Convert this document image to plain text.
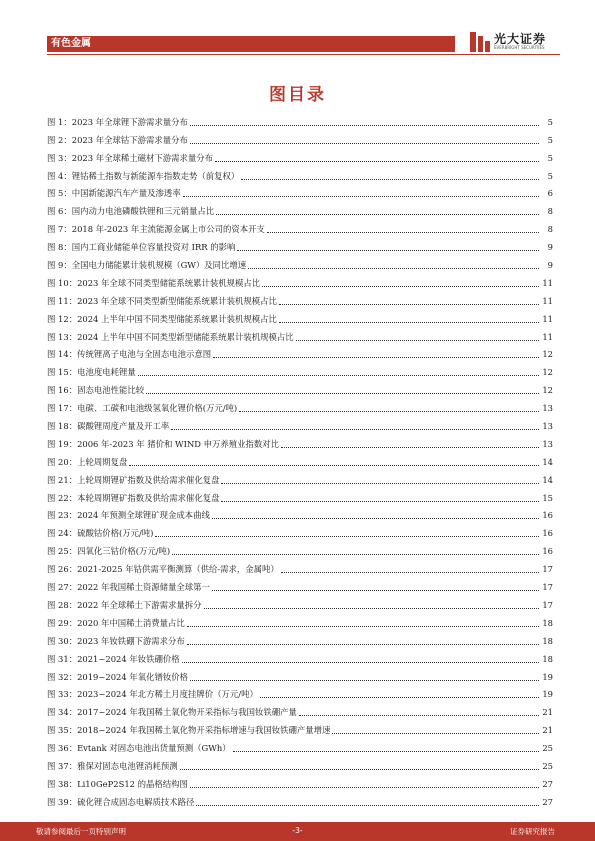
有色金属	光大证券
EVERBRIGHT SECURITIES
图目录
图 1：2023 年全球锂下游需求量分布	5
图 2：2023 年全球钴下游需求量分布	5
图 3：2023 年全球稀土磁材下游需求量分布	5
图 4：锂钴稀土指数与新能源车指数走势（前复权）	5
图 5：中国新能源汽车产量及渗透率	6
图 6：国内动力电池磷酸铁锂和三元销量占比	8
图 7：2018 年-2023 年主流能源金属上市公司的资本开支	8
图 8：国内工商业储能单位容量投资对 IRR 的影响	9
图 9：全国电力储能累计装机规模（GW）及同比增速	9
图 10：2023 年全球不同类型储能系统累计装机规模占比	11
图 11：2023 年全球不同类型新型储能系统累计装机规模占比	11
图 12：2024 上半年中国不同类型储能系统累计装机规模占比	11
图 13：2024 上半年中国不同类型新型储能系统累计装机规模占比	11
图 14：传统锂离子电池与全固态电池示意图	12
图 15：电池度电耗锂量	12
图 16：固态电池性能比较	12
图 17：电碳、工碳和电池级氢氧化锂价格(万元/吨)	13
图 18：碳酸锂周度产量及开工率	13
图 19：2006 年-2023 年 猪价和 WIND 申万养殖业指数对比	13
图 20：上轮周期复盘	14
图 21：上轮周期锂矿指数及供给需求催化复盘	14
图 22：本轮周期锂矿指数及供给需求催化复盘	15
图 23：2024 年预测全球锂矿现金成本曲线	16
图 24：硫酸钴价格(万元/吨)	16
图 25：四氧化三钴价格(万元/吨)	16
图 26：2021-2025 年钴供需平衡测算（供给-需求，金属吨）	17
图 27：2022 年我国稀土资源储量全球第一	17
图 28：2022 年全球稀土下游需求量拆分	17
图 29：2020 年中国稀土消费量占比	18
图 30：2023 年钕铁硼下游需求分布	18
图 31：2021~2024 年钕铁硼价格	18
图 32：2019~2024 年氧化镨钕价格	19
图 33：2023~2024 年北方稀土月度挂牌价（万元/吨）	19
图 34：2017~2024 年我国稀土氧化物开采指标与我国钕铁硼产量	21
图 35：2018~2024 年我国稀土氧化物开采指标增速与我国钕铁硼产量增速	21
图 36：Evtank 对固态电池出货量预测（GWh）	25
图 37：雅保对固态电池锂消耗预测	25
图 38：Li10GeP2S12 的晶格结构图	27
图 39：硫化锂合成固态电解质技术路径	27
敬请参阅最后一页特别声明	-3-	证券研究报告
